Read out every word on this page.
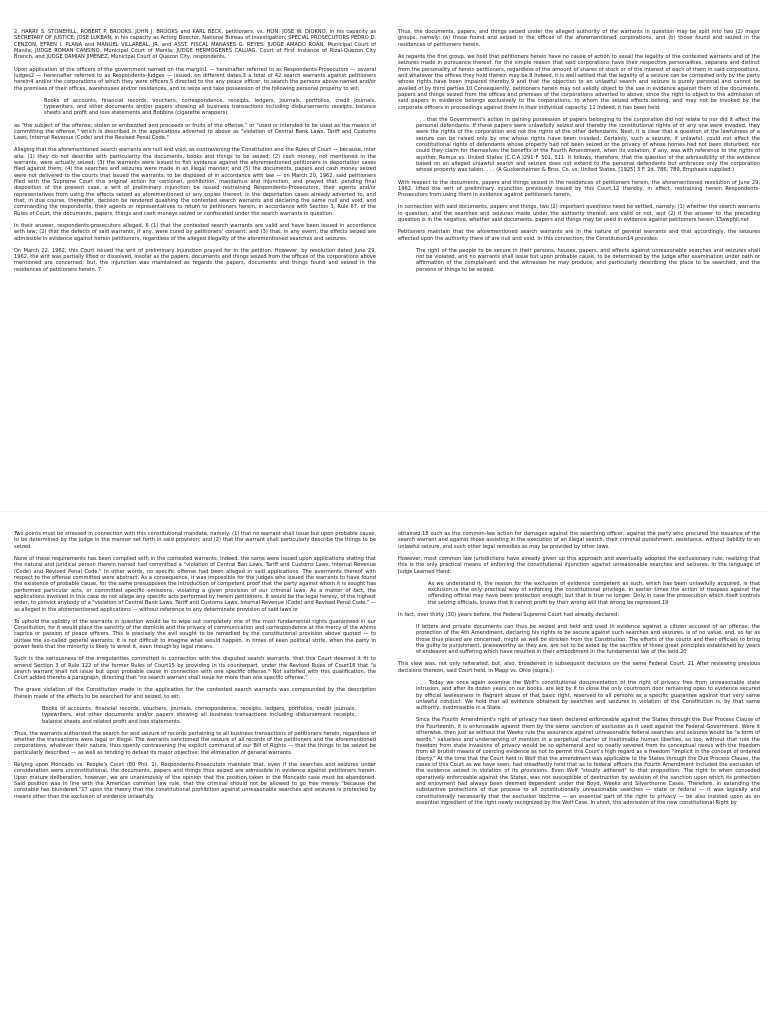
2. HARRY S. STONEHILL, ROBERT P. BROOKS, JOHN J. BROOKS and KARL BECK, petitioners, vs. HON. JOSE W. DIOKNO, in his capacity as SECRETARY OF JUSTICE; JOSE LUKBAN, in his capacity as Acting Director, National Bureau of Investigation; SPECIAL PROSECUTORS PEDRO D. CENZON, EFREN I. PLANA and MANUEL VILLAREAL, JR. and ASST. FISCAL MANASES G. REYES; JUDGE AMADO ROAN, Municipal Court of Manila; JUDGE ROMAN CANSINO, Municipal Court of Manila; JUDGE HERMOGENES CALUAG, Court of First Instance of Rizal-Quezon City Branch, and JUDGE DAMIAN JIMENEZ, Municipal Court of Quezon City, respondents.

Upon application of the officers of the government named on the margin1 — hereinafter referred to as Respondents-Prosecutors — several judges2 — hereinafter referred to as Respondents-Judges — issued, on different dates,3 a total of 42 search warrants against petitioners herein4 and/or the corporations of which they were officers,5 directed to the any peace officer, to search the persons above-named and/or the premises of their offices, warehouses and/or residences, and to seize and take possession of the following personal property to wit:

Books of accounts, financial records, vouchers, correspondence, receipts, ledgers, journals, portfolios, credit journals, typewriters, and other documents and/or papers showing all business transactions including disbursements receipts, balance sheets and profit and loss statements and Bobbins (cigarette wrappers).

as "the subject of the offense; stolen or embezzled and proceeds or fruits of the offense," or "used or intended to be used as the means of committing the offense," which is described in the applications adverted to above as "violation of Central Bank Laws, Tariff and Customs Laws, Internal Revenue (Code) and the Revised Penal Code."

Alleging that the aforementioned search warrants are null and void, as contravening the Constitution and the Rules of Court — because, inter alia: (1) they do not describe with particularity the documents, books and things to be seized; (2) cash money, not mentioned in the warrants, were actually seized; (3) the warrants were issued to fish evidence against the aforementioned petitioners in deportation cases filed against them; (4) the searches and seizures were made in an illegal manner; and (5) the documents, papers and cash money seized were not delivered to the courts that issued the warrants, to be disposed of in accordance with law — on March 20, 1962, said petitioners filed with the Supreme Court this original action for certiorari, prohibition, mandamus and injunction, and prayed that, pending final disposition of the present case, a writ of preliminary injunction be issued restraining Respondents-Prosecutors, their agents and/or representatives from using the effects seized as aforementioned or any copies thereof, in the deportation cases already adverted to, and that, in due course, thereafter, decision be rendered quashing the contested search warrants and declaring the same null and void, and commanding the respondents, their agents or representatives to return to petitioners herein, in accordance with Section 3, Rule 67, of the Rules of Court, the documents, papers, things and cash moneys seized or confiscated under the search warrants in question.

In their answer, respondents-prosecutors alleged, 6 (1) that the contested search warrants are valid and have been issued in accordance with law; (2) that the defects of said warrants, if any, were cured by petitioners' consent; and (3) that, in any event, the effects seized are admissible in evidence against herein petitioners, regardless of the alleged illegality of the aforementioned searches and seizures.

On March 22, 1962, this Court issued the writ of preliminary injunction prayed for in the petition. However, by resolution dated June 29, 1962, the writ was partially lifted or dissolved, insofar as the papers, documents and things seized from the offices of the corporations above mentioned are concerned; but, the injunction was maintained as regards the papers, documents and things found and seized in the residences of petitioners herein. 7

Thus, the documents, papers, and things seized under the alleged authority of the warrants in question may be split into two (2) major groups, namely: (a) those found and seized in the offices of the aforementioned corporations, and (b) those found and seized in the residences of petitioners herein.

As regards the first group, we hold that petitioners herein have no cause of action to assail the legality of the contested warrants and of the seizures made in pursuance thereof, for the simple reason that said corporations have their respective personalities, separate and distinct from the personality of herein petitioners, regardless of the amount of shares of stock or of the interest of each of them in said corporations, and whatever the offices they hold therein may be.8 Indeed, it is well settled that the legality of a seizure can be contested only by the party whose rights have been impaired thereby,9 and that the objection to an unlawful search and seizure is purely personal and cannot be availed of by third parties.10 Consequently, petitioners herein may not validly object to the use in evidence against them of the documents, papers and things seized from the offices and premises of the corporations adverted to above, since the right to object to the admission of said papers in evidence belongs exclusively to the corporations, to whom the seized effects belong, and may not be invoked by the corporate officers in proceedings against them in their individual capacity. 11 Indeed, it has been held:

. . . that the Government's action in gaining possession of papers belonging to the corporation did not relate to nor did it affect the personal defendants. If these papers were unlawfully seized and thereby the constitutional rights of or any one were invaded, they were the rights of the corporation and not the rights of the other defendants. Next, it is clear that a question of the lawfulness of a seizure can be raised only by one whose rights have been invaded. Certainly, such a seizure, if unlawful, could not affect the constitutional rights of defendants whose property had not been seized or the privacy of whose homes had not been disturbed; nor could they claim for themselves the benefits of the Fourth Amendment, when its violation, if any, was with reference to the rights of another. Remus vs. United States (C.C.A.)291 F. 501, 511. It follows, therefore, that the question of the admissibility of the evidence based on an alleged unlawful search and seizure does not extend to the personal defendants but embraces only the corporation whose property was taken. . . . (A Guckenheimer & Bros. Co. vs. United States, [1925] 3 F. 2d. 786, 789, Emphasis supplied.)

With respect to the documents, papers and things seized in the residences of petitioners herein, the aforementioned resolution of June 29, 1962, lifted the writ of preliminary injunction previously issued by this Court,12 thereby, in effect, restraining herein Respondents-Prosecutors from using them in evidence against petitioners herein.

In connection with said documents, papers and things, two (2) important questions need be settled, namely: (1) whether the search warrants in question, and the searches and seizures made under the authority thereof, are valid or not, and (2) if the answer to the preceding question is in the negative, whether said documents, papers and things may be used in evidence against petitioners herein.13awphil.net

Petitioners maintain that the aforementioned search warrants are in the nature of general warrants and that accordingly, the seizures effected upon the authority there of are null and void. In this connection, the Constitution14 provides:

The right of the people to be secure in their persons, houses, papers, and effects against unreasonable searches and seizures shall not be violated, and no warrants shall issue but upon probable cause, to be determined by the judge after examination under oath or affirmation of the complainant and the witnesses he may produce, and particularly describing the place to be searched, and the persons or things to be seized.

Two points must be stressed in connection with this constitutional mandate, namely: (1) that no warrant shall issue but upon probable cause, to be determined by the judge in the manner set forth in said provision; and (2) that the warrant shall particularly describe the things to be seized.

None of these requirements has been complied with in the contested warrants. Indeed, the same were issued upon applications stating that the natural and juridical person therein named had committed a "violation of Central Ban Laws, Tariff and Customs Laws, Internal Revenue (Code) and Revised Penal Code." In other words, no specific offense had been alleged in said applications. The averments thereof with respect to the offense committed were abstract. As a consequence, it was impossible for the judges who issued the warrants to have found the existence of probable cause, for the same presupposes the introduction of competent proof that the party against whom it is sought has performed particular acts, or committed specific omissions, violating a given provision of our criminal laws. As a matter of fact, the applications involved in this case do not allege any specific acts performed by herein petitioners. It would be the legal heresy, of the highest order, to convict anybody of a "violation of Central Bank Laws, Tariff and Customs Laws, Internal Revenue (Code) and Revised Penal Code," — as alleged in the aforementioned applications — without reference to any determinate provision of said laws or

To uphold the validity of the warrants in question would be to wipe out completely one of the most fundamental rights guaranteed in our Constitution, for it would place the sanctity of the domicile and the privacy of communication and correspondence at the mercy of the whims caprice or passion of peace officers. This is precisely the evil sought to be remedied by the constitutional provision above quoted — to outlaw the so-called general warrants. It is not difficult to imagine what would happen, in times of keen political strife, when the party in power feels that the minority is likely to wrest it, even though by legal means.

Such is the seriousness of the irregularities committed in connection with the disputed search warrants, that this Court deemed it fit to amend Section 3 of Rule 122 of the former Rules of Court15 by providing in its counterpart, under the Revised Rules of Court16 that "a search warrant shall not issue but upon probable cause in connection with one specific offense." Not satisfied with this qualification, the Court added thereto a paragraph, directing that "no search warrant shall issue for more than one specific offense."

The grave violation of the Constitution made in the application for the contested search warrants was compounded by the description therein made of the effects to be searched for and seized, to wit:

Books of accounts, financial records, vouchers, journals, correspondence, receipts, ledgers, portfolios, credit journals, typewriters, and other documents and/or papers showing all business transactions including disbursement receipts, balance sheets and related profit and loss statements.

Thus, the warrants authorized the search for and seizure of records pertaining to all business transactions of petitioners herein, regardless of whether the transactions were legal or illegal. The warrants sanctioned the seizure of all records of the petitioners and the aforementioned corporations, whatever their nature, thus openly contravening the explicit command of our Bill of Rights — that the things to be seized be particularly described — as well as tending to defeat its major objective: the elimination of general warrants.

Relying upon Moncado vs. People's Court (80 Phil. 1), Respondents-Prosecutors maintain that, even if the searches and seizures under consideration were unconstitutional, the documents, papers and things thus seized are admissible in evidence against petitioners herein. Upon mature deliberation, however, we are unanimously of the opinion that the position taken in the Moncado case must be abandoned. Said position was in line with the American common law rule, that the criminal should not be allowed to go free merely "because the constable has blundered,"17 upon the theory that the constitutional prohibition against unreasonable searches and seizures is protected by means other than the exclusion of evidence unlawfully

obtained,18 such as the common-law action for damages against the searching officer, against the party who procured the issuance of the search warrant and against those assisting in the execution of an illegal search, their criminal punishment, resistance, without liability to an unlawful seizure, and such other legal remedies as may be provided by other laws.

However, most common law jurisdictions have already given up this approach and eventually adopted the exclusionary rule, realizing that this is the only practical means of enforcing the constitutional injunction against unreasonable searches and seizures. In the language of Judge Learned Hand:

As we understand it, the reason for the exclusion of evidence competent as such, which has been unlawfully acquired, is that exclusion is the only practical way of enforcing the constitutional privilege. In earlier times the action of trespass against the offending official may have been protection enough; but that is true no longer. Only in case the prosecution which itself controls the seizing officials, knows that it cannot profit by their wrong will that wrong be repressed.19

In fact, over thirty (30) years before, the Federal Supreme Court had already declared:

If letters and private documents can thus be seized and held and used in evidence against a citizen accused of an offense, the protection of the 4th Amendment, declaring his rights to be secure against such searches and seizures, is of no value, and, so far as those thus placed are concerned, might as well be stricken from the Constitution. The efforts of the courts and their officials to bring the guilty to punishment, praiseworthy as they are, are not to be aided by the sacrifice of those great principles established by years of endeavor and suffering which have resulted in their embodiment in the fundamental law of the land.20

This view was, not only reiterated, but, also, broadened in subsequent decisions on the same Federal Court. 21 After reviewing previous decisions thereon, said Court held, in Mapp vs. Ohio (supra.):

. . . Today we once again examine the Wolf's constitutional documentation of the right of privacy free from unreasonable state intrusion, and after its dozen years on our books, are led by it to close the only courtroom door remaining open to evidence secured by official lawlessness in flagrant abuse of that basic right, reserved to all persons as a specific guarantee against that very same unlawful conduct. We hold that all evidence obtained by searches and seizures in violation of the Constitution is, by that same authority, inadmissible in a State.
Since the Fourth Amendment's right of privacy has been declared enforceable against the States through the Due Process Clause of the Fourteenth, it is enforceable against them by the same sanction of exclusion as it used against the Federal Government. Were it otherwise, then just as without the Weeks rule the assurance against unreasonable federal searches and seizures would be "a form of words," valueless and underserving of mention in a perpetual charter of inestimable human liberties, so too, without that rule the freedom from state invasions of privacy would be so ephemeral and so neatly severed from its conceptual nexus with the freedom from all brutish means of coercing evidence as not to permit this Court's high regard as a freedom "implicit in the concept of ordered liberty." At the time that the Court held in Wolf that the amendment was applicable to the States through the Due Process Clause, the cases of this Court as we have seen, had steadfastly held that as to federal officers the Fourth Amendment included the exclusion of the evidence seized in violation of its provisions. Even Wolf "stoutly adhered" to that proposition. The right to when conceded operatively enforceable against the States, was not susceptible of destruction by avulsion of the sanction upon which its protection and enjoyment had always been deemed dependent under the Boyd, Weeks and Silverthorne Cases. Therefore, in extending the substantive protections of due process to all constitutionally unreasonable searches — state or federal — it was logically and constitutionally necessarily that the exclusion doctrine — an essential part of the right to privacy — be also insisted upon as an essential ingredient of the right newly recognized by the Wolf Case. In short, the admission of the new constitutional Right by
